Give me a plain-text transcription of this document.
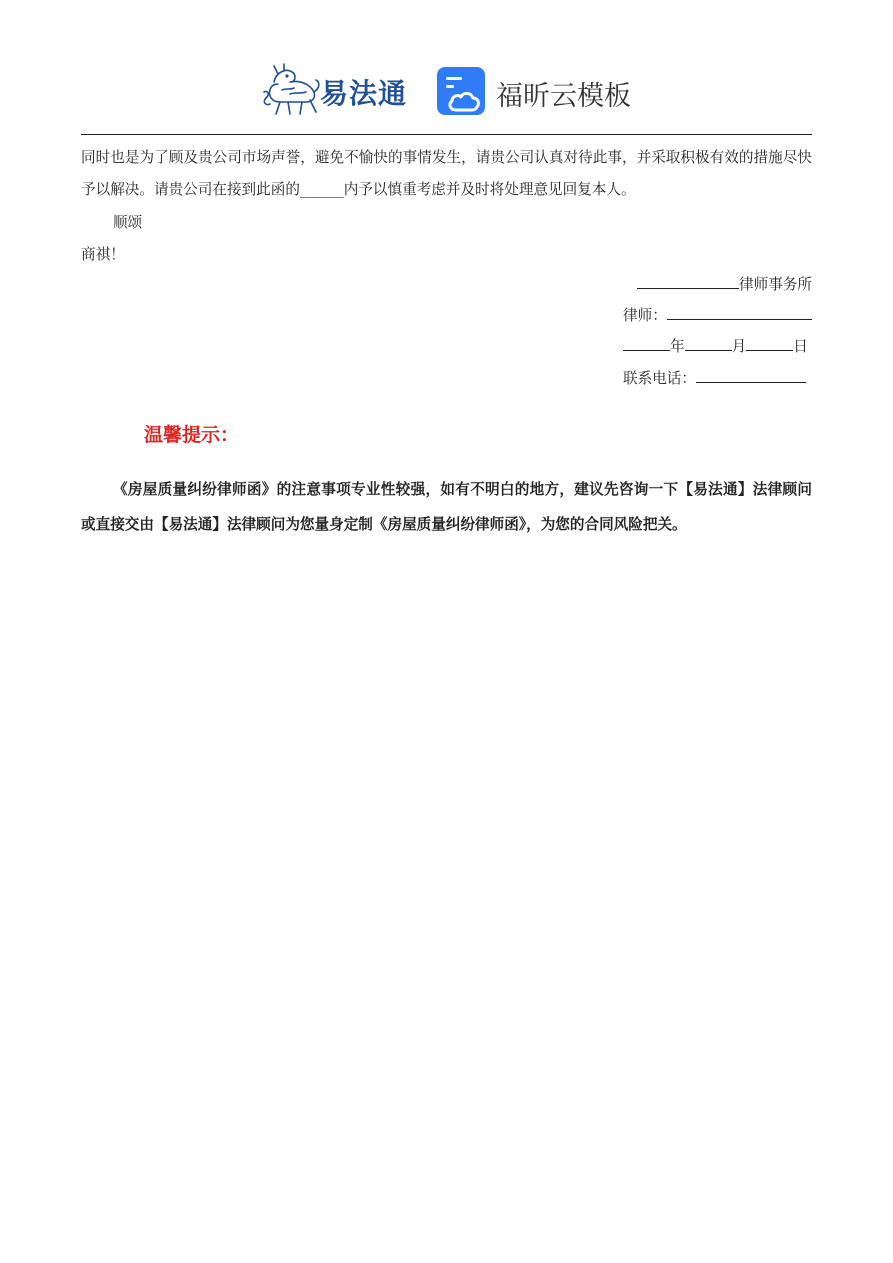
易法通	福昕云模板
同时也是为了顾及贵公司市场声誉，避免不愉快的事情发生，请贵公司认真对待此事，并采取积极有效的措施尽快予以解决。请贵公司在接到此函的______内予以慎重考虑并及时将处理意见回复本人。
顺颂
商祺！
律师事务所
律师：
年	月	日
联系电话：
温馨提示：
《房屋质量纠纷律师函》的注意事项专业性较强，如有不明白的地方，建议先咨询一下【易法通】法律顾问或直接交由【易法通】法律顾问为您量身定制《房屋质量纠纷律师函》，为您的合同风险把关。
